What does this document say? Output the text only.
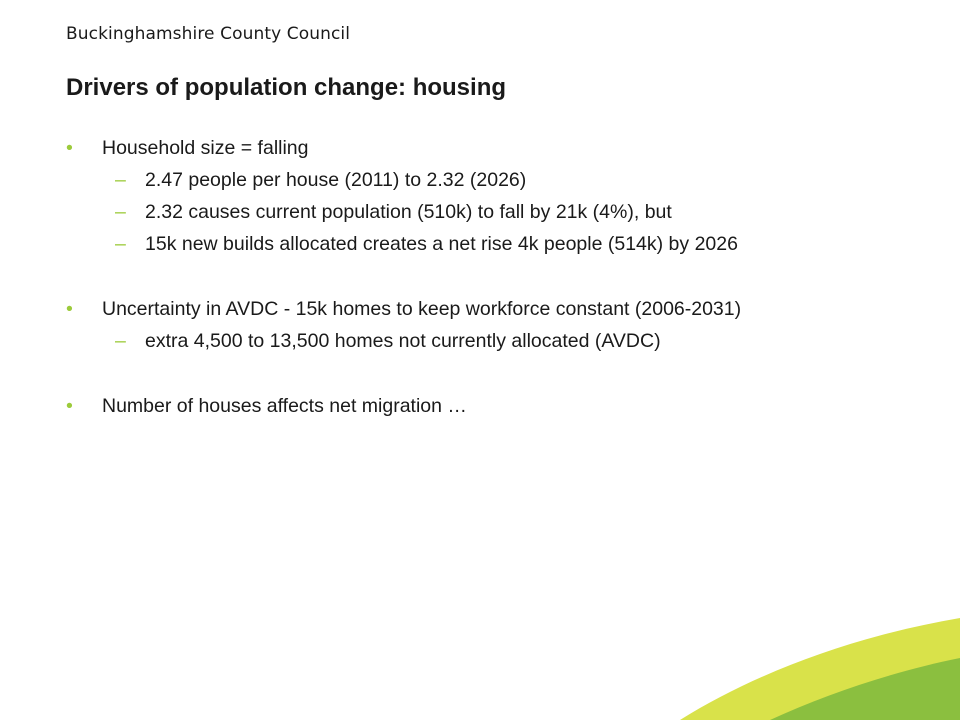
Buckinghamshire County Council
Drivers of population change: housing
• Household size = falling
– 2.47 people per house (2011) to 2.32 (2026)
– 2.32 causes current population (510k) to fall by 21k (4%), but
– 15k new builds allocated creates a net rise 4k people (514k) by 2026
• Uncertainty in AVDC - 15k homes to keep workforce constant (2006-2031)
– extra 4,500 to 13,500 homes not currently allocated (AVDC)
• Number of houses affects net migration …
